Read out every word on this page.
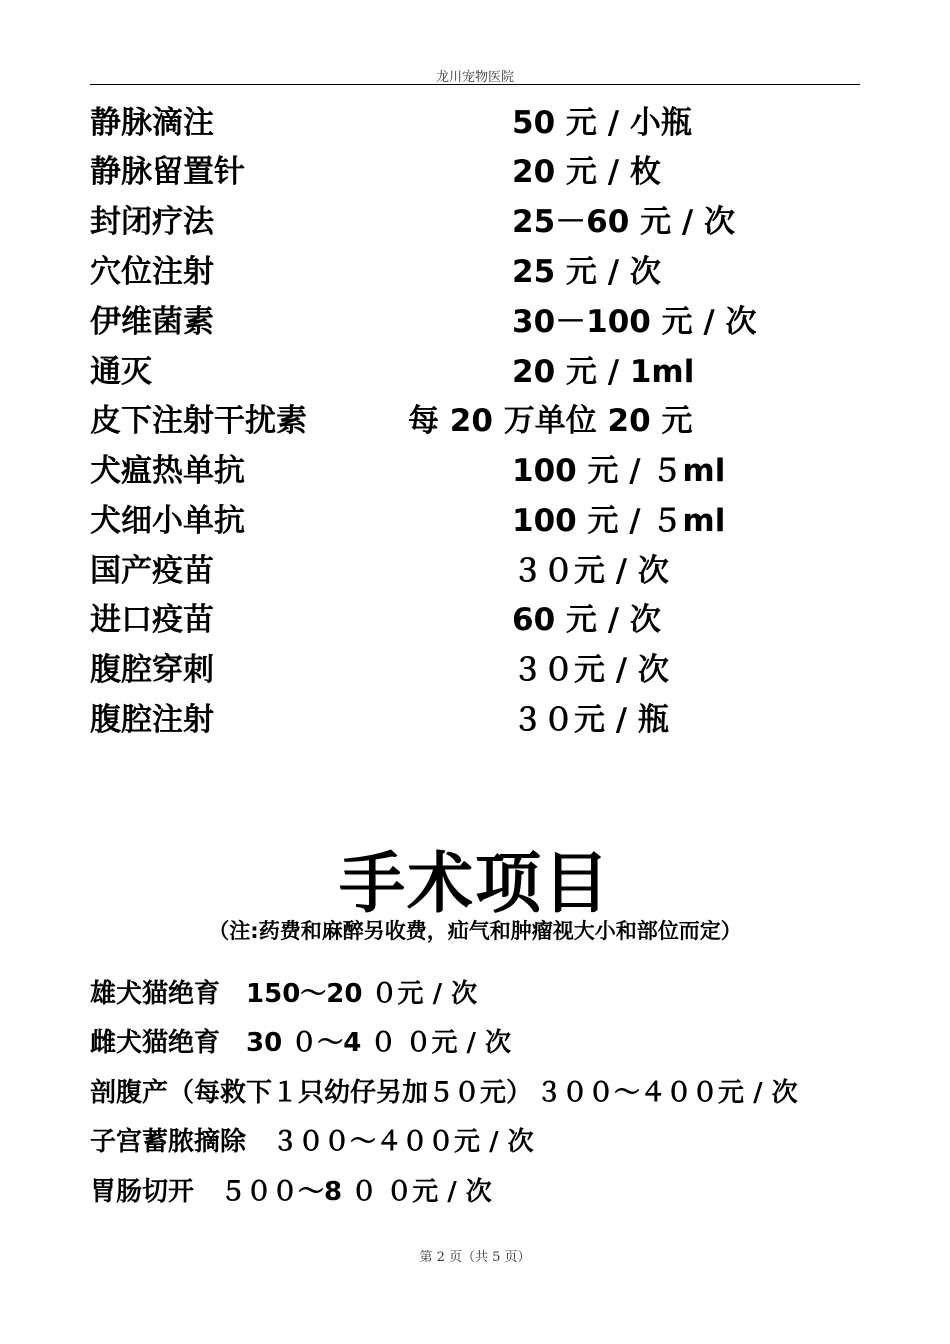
龙川宠物医院
静脉滴注	50 元 / 小瓶
静脉留置针	20 元 / 枚
封闭疗法	25－60 元 / 次
穴位注射	25 元 / 次
伊维菌素	30－100 元 / 次
通灭	20 元 / 1ml
皮下注射干扰素	每 20 万单位 20 元
犬瘟热单抗	100 元 / ５ml
犬细小单抗	100 元 / ５ml
国产疫苗	３０元 / 次
进口疫苗	60 元 / 次
腹腔穿刺	３０元 / 次
腹腔注射	３０元 / 瓶
手术项目
（注:药费和麻醉另收费，疝气和肿瘤视大小和部位而定）
雄犬猫绝育 150～20 ０元 / 次
雌犬猫绝育 30 ０～4 ０ ０元 / 次
剖腹产（每救下１只幼仔另加５０元） ３００～４００元 / 次
子宫蓄脓摘除 ３００～４００元 / 次
胃肠切开 ５００～8 ０ ０元 / 次
第 2 页（共 5 页）
